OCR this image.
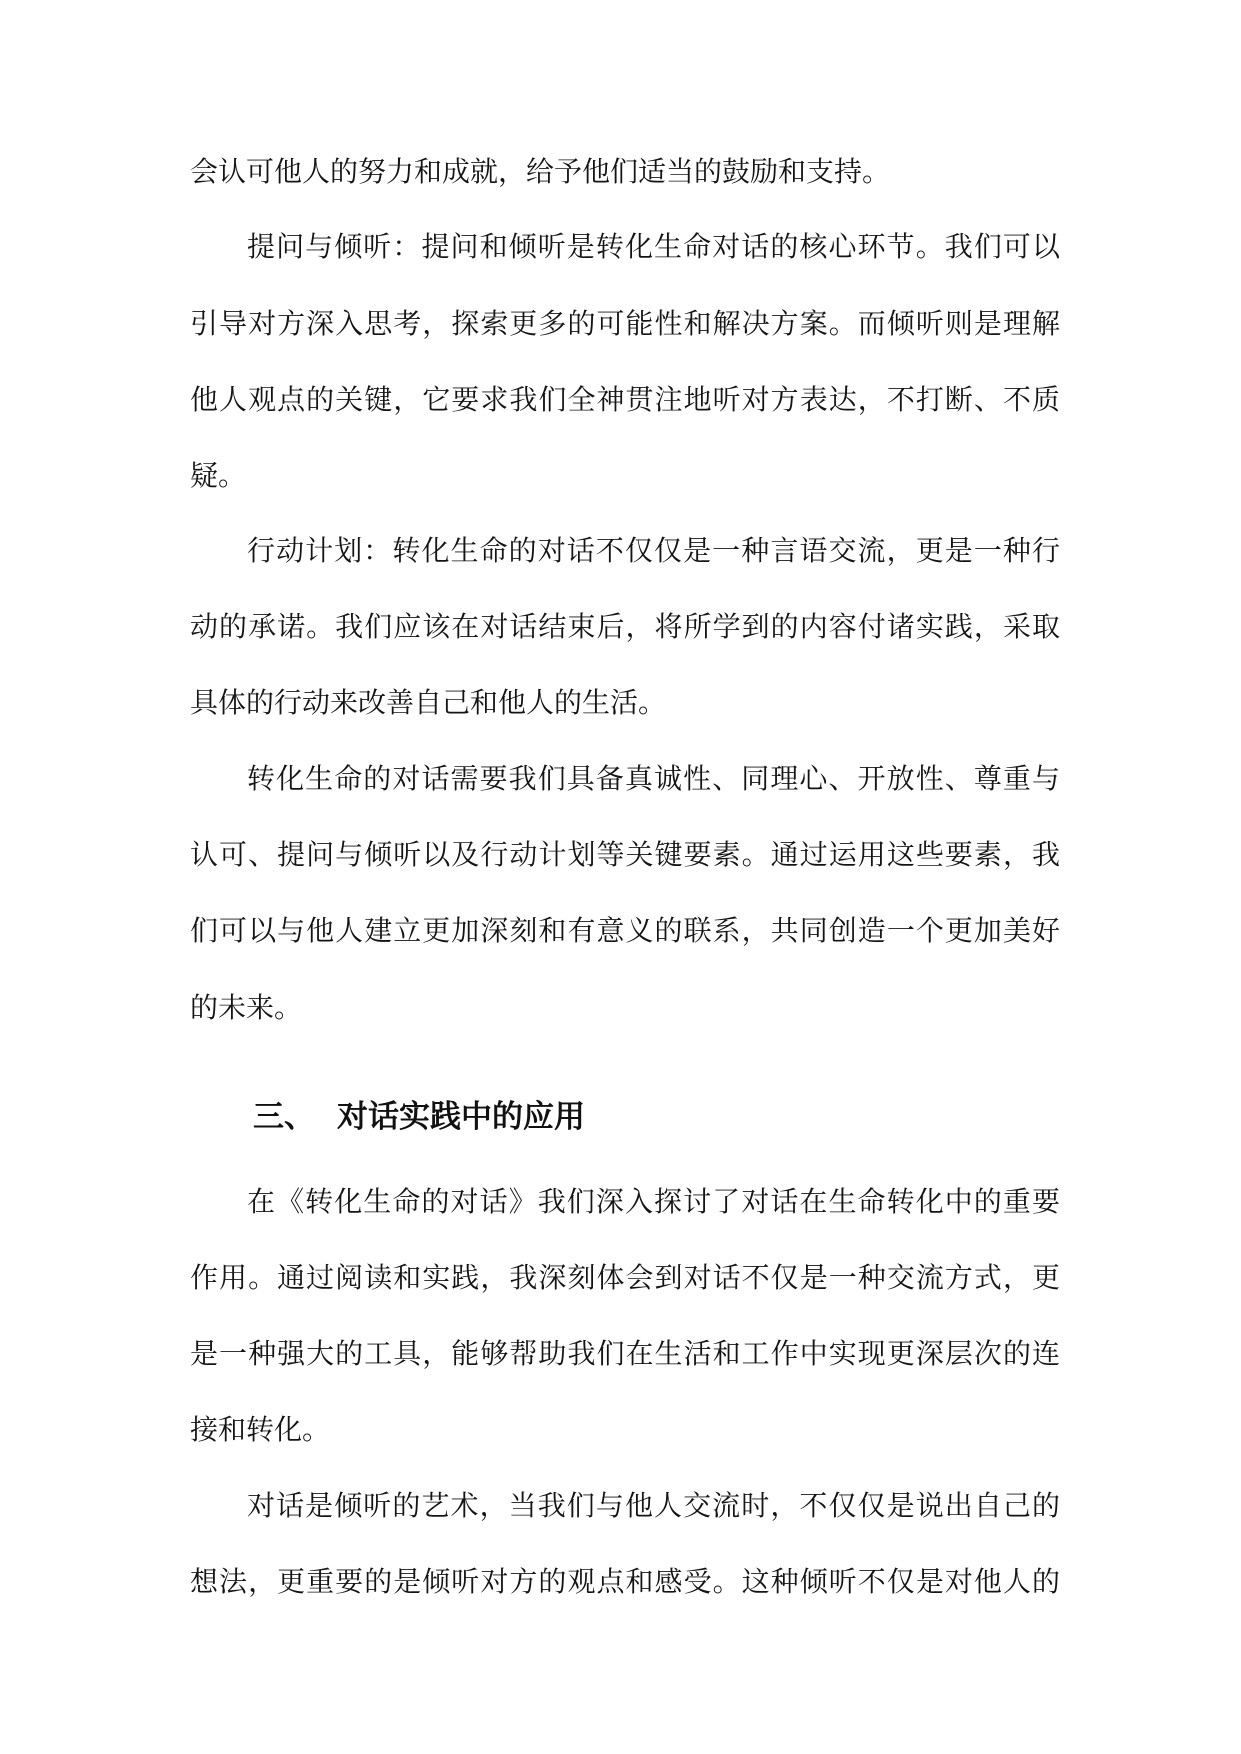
会认可他人的努力和成就，给予他们适当的鼓励和支持。
提问与倾听：提问和倾听是转化生命对话的核心环节。我们可以
引导对方深入思考，探索更多的可能性和解决方案。而倾听则是理解
他人观点的关键，它要求我们全神贯注地听对方表达，不打断、不质
疑。
行动计划：转化生命的对话不仅仅是一种言语交流，更是一种行
动的承诺。我们应该在对话结束后，将所学到的内容付诸实践，采取
具体的行动来改善自己和他人的生活。
转化生命的对话需要我们具备真诚性、同理心、开放性、尊重与
认可、提问与倾听以及行动计划等关键要素。通过运用这些要素，我
们可以与他人建立更加深刻和有意义的联系，共同创造一个更加美好
的未来。
三、 对话实践中的应用
在《转化生命的对话》我们深入探讨了对话在生命转化中的重要
作用。通过阅读和实践，我深刻体会到对话不仅是一种交流方式，更
是一种强大的工具，能够帮助我们在生活和工作中实现更深层次的连
接和转化。
对话是倾听的艺术，当我们与他人交流时，不仅仅是说出自己的
想法，更重要的是倾听对方的观点和感受。这种倾听不仅是对他人的
